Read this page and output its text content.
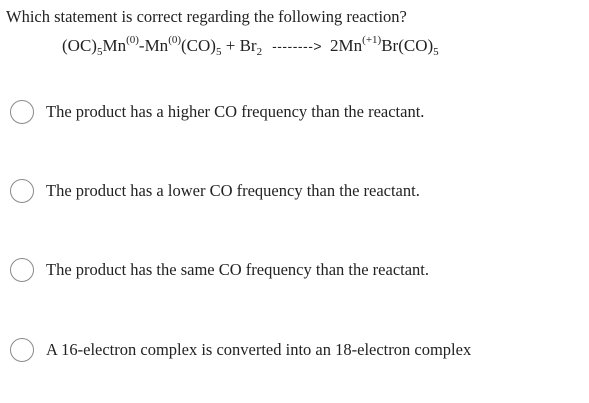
Which statement is correct regarding the following reaction?
$(OC)_5Mn^{(0)}-Mn^{(0)}(CO)_5 + Br_2$ --------> $2Mn^{(+1)}Br(CO)_5$
The product has a higher CO frequency than the reactant.
The product has a lower CO frequency than the reactant.
The product has the same CO frequency than the reactant.
A 16-electron complex is converted into an 18-electron complex
